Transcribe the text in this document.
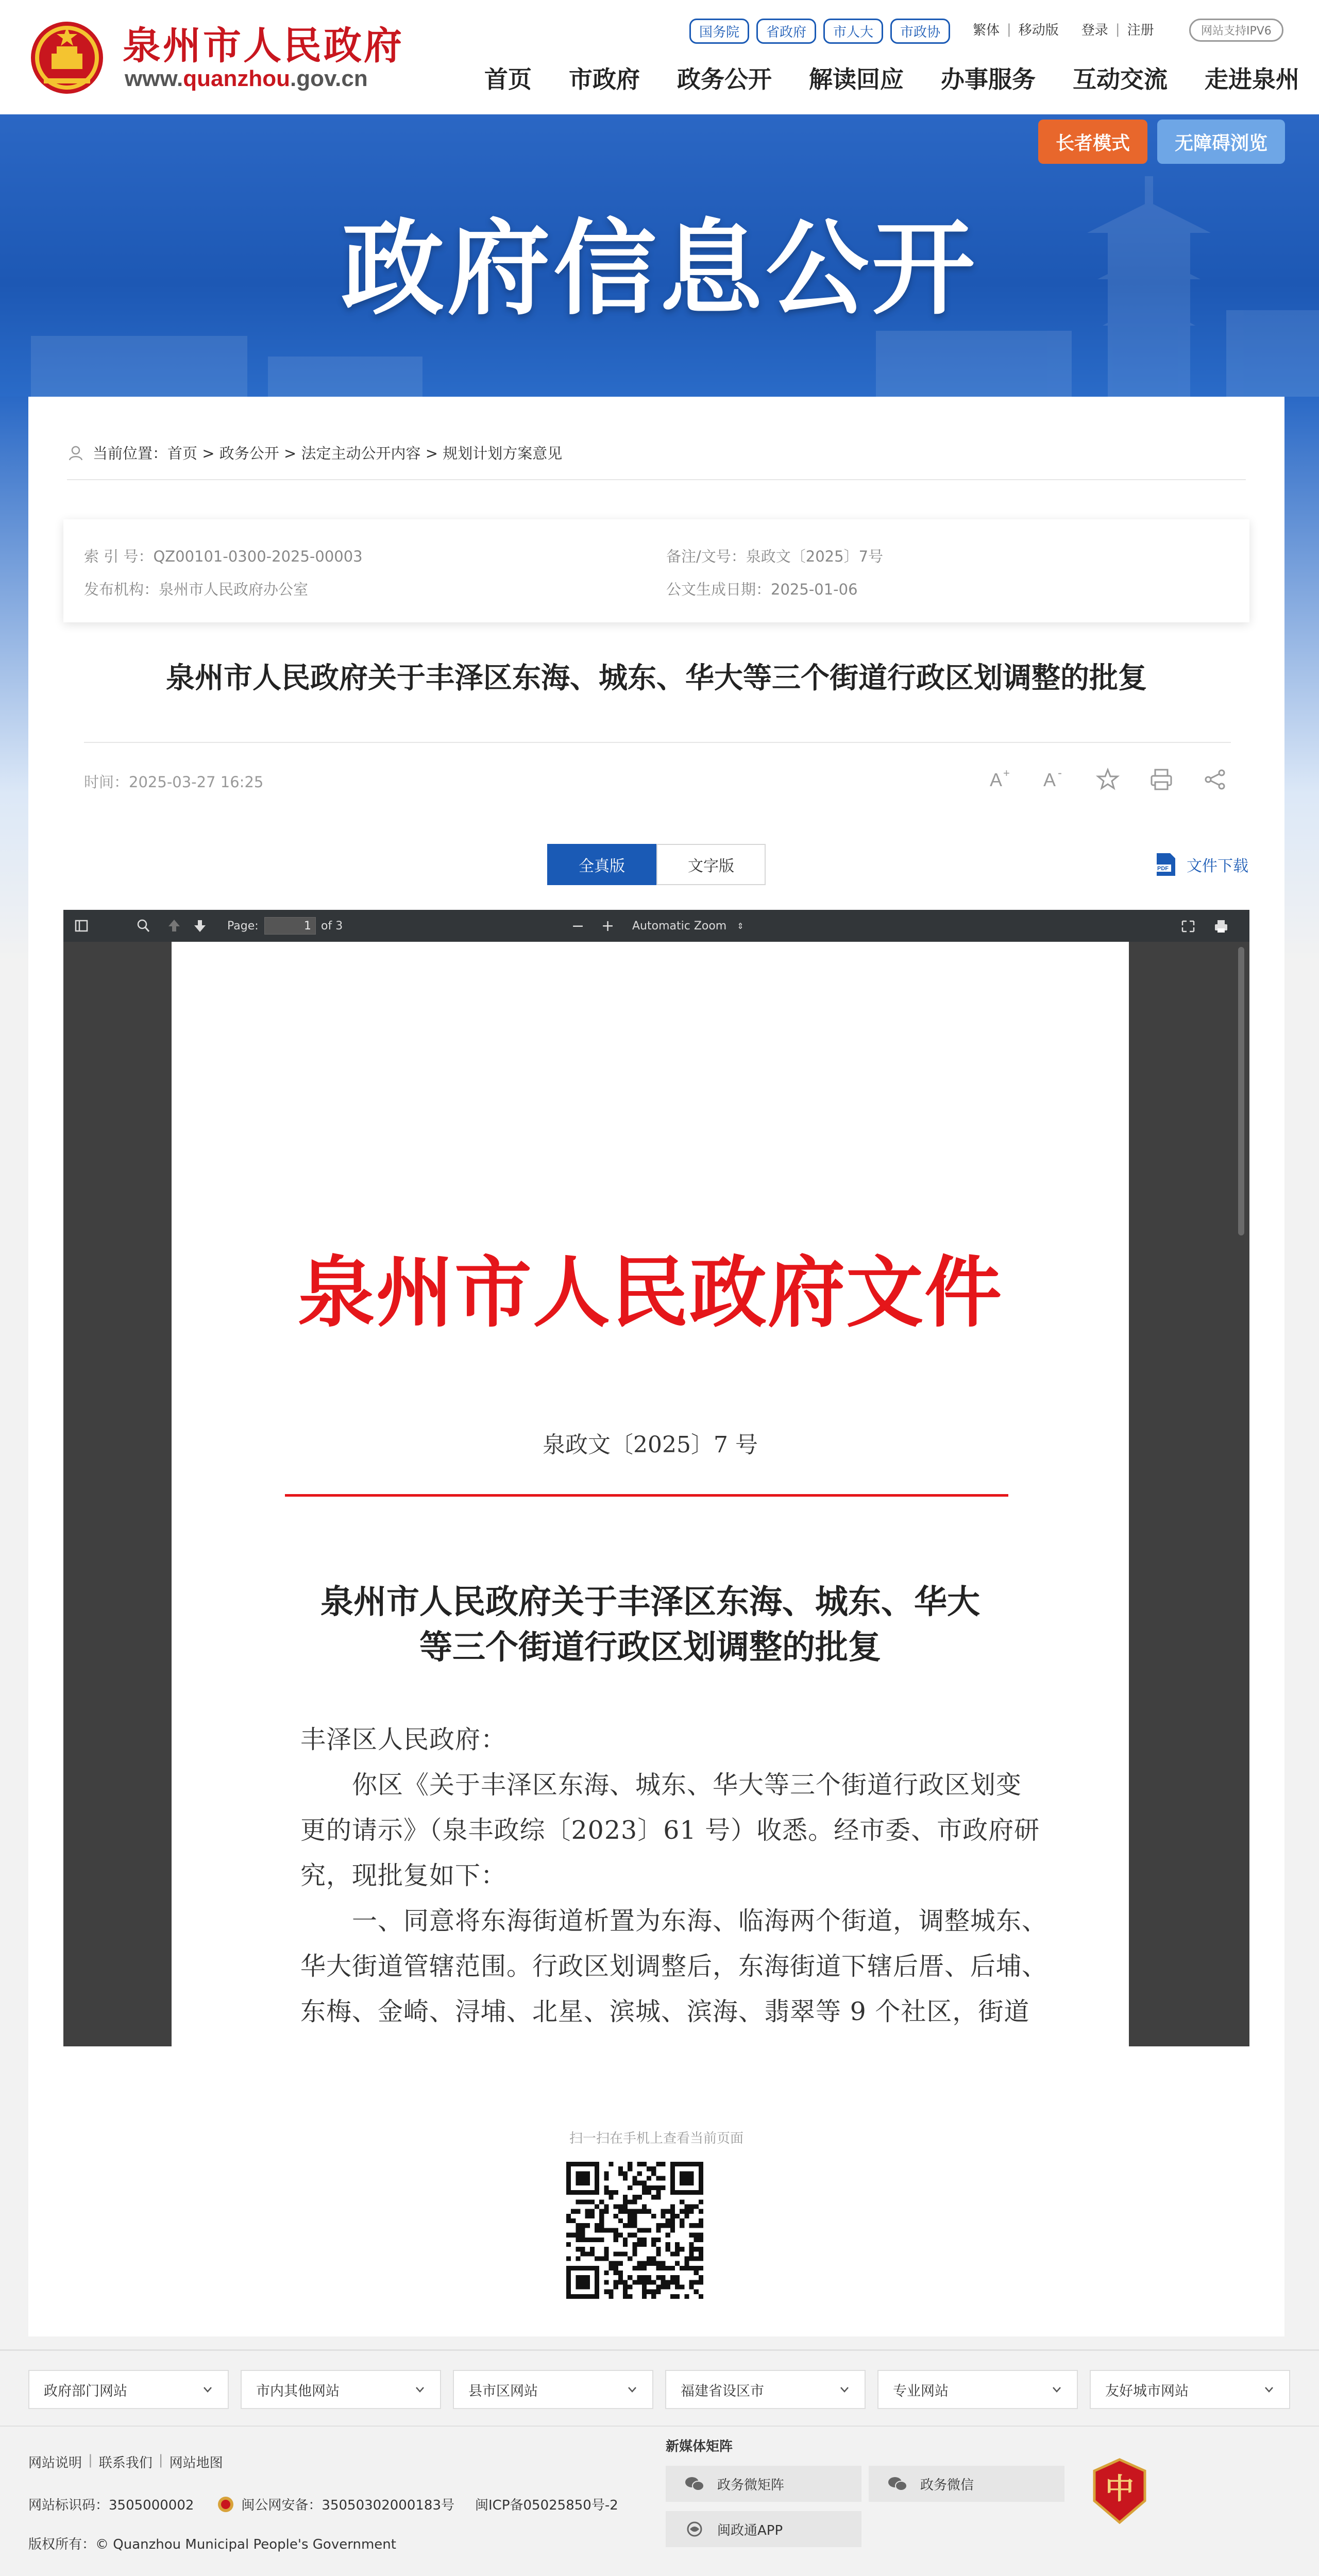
泉州市人民政府
www.quanzhou.gov.cn
国务院	省政府	市人大	市政协	繁体 | 移动版 登录 | 注册	网站支持IPV6
首页 市政府 政务公开 解读回应 办事服务 互动交流 走进泉州
长者模式	无障碍浏览
政府信息公开
当前位置： 首页 > 政务公开 > 法定主动公开内容 > 规划计划方案意见
索 引 号：QZ00101-0300-2025-00003	备注/文号：泉政文〔2025〕7号
发布机构：泉州市人民政府办公室	公文生成日期：2025-01-06
泉州市人民政府关于丰泽区东海、城东、华大等三个街道行政区划调整的批复
时间：2025-03-27 16:25	A + A -
全真版	文字版	PDF 文件下载
Page:	1 of 3	− + Automatic Zoom ⇕
泉州市人民政府文件
泉政文〔2025〕7 号
泉州市人民政府关于丰泽区东海、城东、华大
等三个街道行政区划调整的批复
丰泽区人民政府：
　　你区《关于丰泽区东海、城东、华大等三个街道行政区划变
更的请示》（泉丰政综〔2023〕61 号）收悉。经市委、市政府研
究，现批复如下：
　　一、同意将东海街道析置为东海、临海两个街道，调整城东、
华大街道管辖范围。行政区划调整后，东海街道下辖后厝、后埔、
东梅、金崎、浔埔、北星、滨城、滨海、翡翠等 9 个社区，街道
扫一扫在手机上查看当前页面
政府部门网站	市内其他网站	县市区网站	福建省设区市	专业网站	友好城市网站
网站说明 | 联系我们 | 网站地图
网站标识码：3505000002	闽公网安备：35050302000183号 闽ICP备05025850号-2
版权所有：© Quanzhou Municipal People's Government
新媒体矩阵
政务微矩阵	政务微信
闽政通APP
中
